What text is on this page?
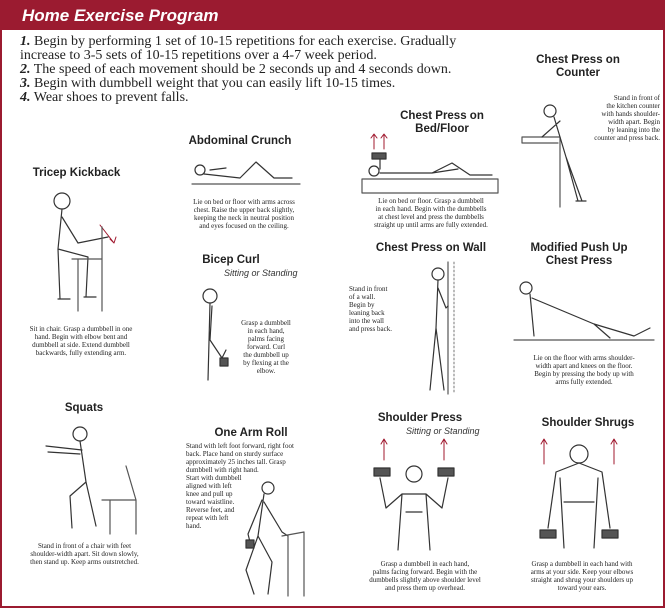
Home Exercise Program
1. Begin by performing 1 set of 10-15 repetitions for each exercise. Gradually
increase to 3-5 sets of 10-15 repetitions over a 4-7 week period.
2. The speed of each movement should be 2 seconds up and 4 seconds down.
3. Begin with dumbbell weight that you can easily lift 10-15 times.
4. Wear shoes to prevent falls.
Chest Press on
Counter
Stand in front of
the kitchen counter
with hands shoulder-
width apart. Begin
by leaning into the
counter and press back.
Chest Press on
Bed/Floor
Lie on bed or floor. Grasp a dumbbell
in each hand. Begin with the dumbbells
at chest level and press the dumbbells
straight up until arms are fully extended.
Abdominal Crunch
Lie on bed or floor with arms across
chest. Raise the upper back slightly,
keeping the neck in neutral position
and eyes focused on the ceiling.
Tricep Kickback
Sit in chair. Grasp a dumbbell in one
hand. Begin with elbow bent and
dumbbell at side. Extend dumbbell
backwards, fully extending arm.
Chest Press on Wall
Stand in front
of a wall.
Begin by
leaning back
into the wall
and press back.
Modified Push Up
Chest Press
Lie on the floor with arms shoulder-
width apart and knees on the floor.
Begin by pressing the body up with
arms fully extended.
Bicep Curl
Sitting or Standing
Grasp a dumbbell
in each hand,
palms facing
forward. Curl
the dumbbell up
by flexing at the
elbow.
Squats
Stand in front of a chair with feet
shoulder-width apart. Sit down slowly,
then stand up. Keep arms outstretched.
One Arm Roll
Stand with left foot forward, right foot
back. Place hand on sturdy surface
approximately 25 inches tall. Grasp
dumbbell with right hand.
Start with dumbbell
aligned with left
knee and pull up
toward waistline.
Reverse feet, and
repeat with left
hand.
Shoulder Press
Sitting or Standing
Grasp a dumbbell in each hand,
palms facing forward. Begin with the
dumbbells slightly above shoulder level
and press them up overhead.
Shoulder Shrugs
Grasp a dumbbell in each hand with
arms at your side. Keep your elbows
straight and shrug your shoulders up
toward your ears.
